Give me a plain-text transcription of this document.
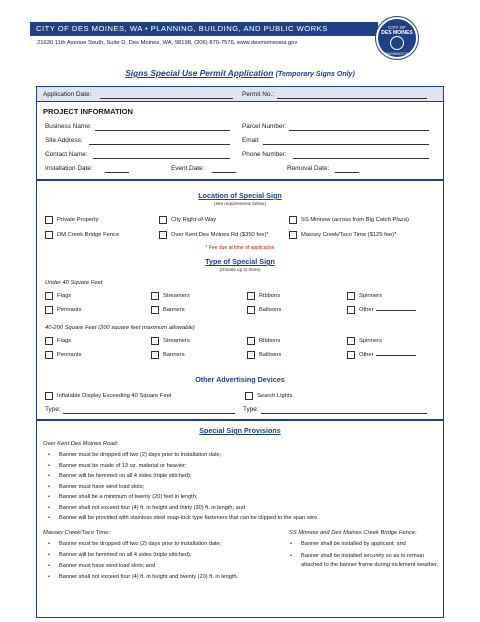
CITY OF DES MOINES, WA • PLANNING, BUILDING, AND PUBLIC WORKS
21630 11th Avenue South, Suite D, Des Moines, WA, 98198, (206) 870-7576, www.desmoineswa.gov
CITY OF
DES MOINES
WASHINGTON
Signs Special Use Permit Application (Temporary Signs Only)
Application Date:	Permit No.:
PROJECT INFORMATION
Business Name:	Parcel Number:
Site Address:	Email:
Contact Name:	Phone Number:
Installation Date:	Event Date:	Removal Date:
Location of Special Sign
(see requirements below)
Private Property	City Right-of-Way	SS Minnow (across from Big Catch Plaza)
DM Creek Bridge Fence	Over Kent Des Moines Rd ($350 fee)*	Massey Creek/Taco Time ($125 fee)*
* Fee due at time of application
Type of Special Sign
(choose up to three)
Under 40 Square Feet
Flags	Streamers	Ribbons	Spinners
Pennants	Banners	Balloons	Other
40-200 Square Feet (200 square feet maximum allowable)
Flags	Streamers	Ribbons	Spinners
Pennants	Banners	Balloons	Other
Other Advertising Devices
Inflatable Display Exceeding 40 Square Feet	Search Lights
Type:	Type:
Special Sign Provisions
Over Kent Des Moines Road:
• Banner must be dropped off two (2) days prior to installation date;
• Banner must be made of 13 oz. material or heavier;
• Banner will be hemmed on all 4 sides (triple stitched);
• Banner must have wind load slots;
• Banner shall be a minimum of twenty (20) feet in length;
• Banner shall not exceed four (4) ft. in height and thirty (30) ft. in length; and
• Banner will be provided with stainless steel snap-lock type fasteners that can be clipped to the span wire.
Massey Creek/Taco Time:
• Banner must be dropped off two (2) days prior to installation date;
• Banner will be hemmed on all 4 sides (triple stitched);
• Banner must have wind load slots; and
• Banner shall not exceed four (4) ft. in height and twenty (20) ft. in length.
SS Minnow and Des Moines Creek Bridge Fence:
• Banner shall be installed by applicant; and
• Banner shall be installed securely so as to remain attached to the banner frame during inclement weather.
